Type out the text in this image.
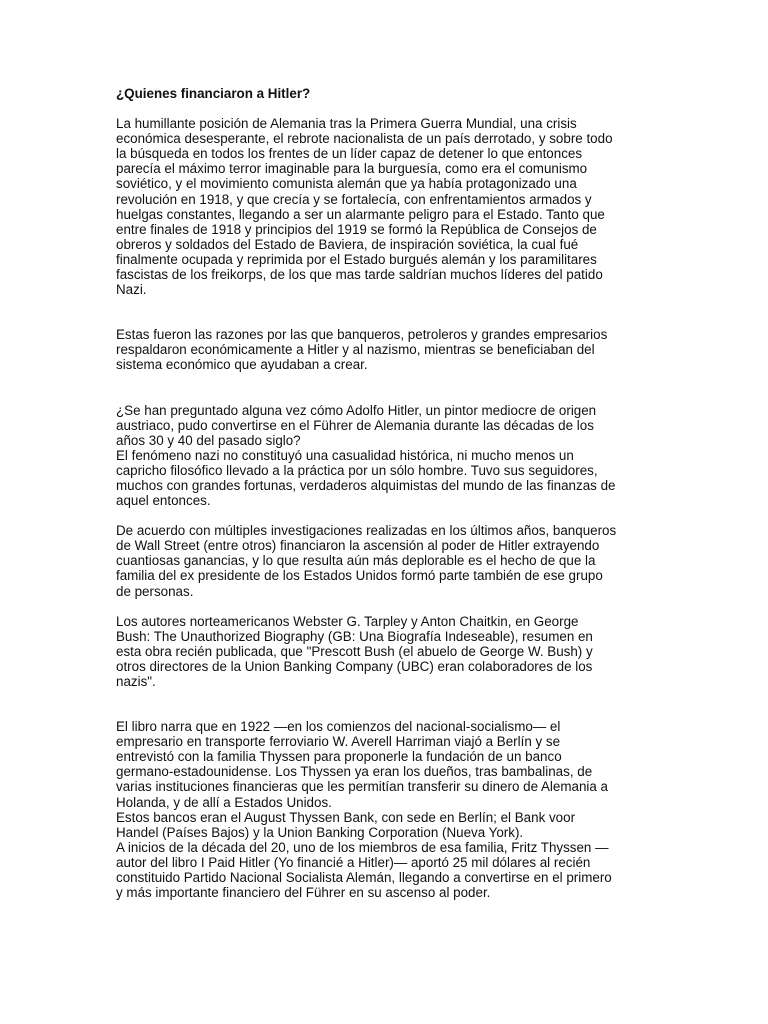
¿Quienes financiaron a Hitler?
La humillante posición de Alemania tras la Primera Guerra Mundial, una crisis
económica desesperante, el rebrote nacionalista de un país derrotado, y sobre todo
la búsqueda en todos los frentes de un líder capaz de detener lo que entonces
parecía el máximo terror imaginable para la burguesía, como era el comunismo
soviético, y el movimiento comunista alemán que ya había protagonizado una
revolución en 1918, y que crecía y se fortalecía, con enfrentamientos armados y
huelgas constantes, llegando a ser un alarmante peligro para el Estado. Tanto que
entre finales de 1918 y principios del 1919 se formó la República de Consejos de
obreros y soldados del Estado de Baviera, de inspiración soviética, la cual fué
finalmente ocupada y reprimida por el Estado burgués alemán y los paramilitares
fascistas de los freikorps, de los que mas tarde saldrían muchos líderes del patido
Nazi.
Estas fueron las razones por las que banqueros, petroleros y grandes empresarios
respaldaron económicamente a Hitler y al nazismo, mientras se beneficiaban del
sistema económico que ayudaban a crear.
¿Se han preguntado alguna vez cómo Adolfo Hitler, un pintor mediocre de origen
austriaco, pudo convertirse en el Führer de Alemania durante las décadas de los
años 30 y 40 del pasado siglo?
El fenómeno nazi no constituyó una casualidad histórica, ni mucho menos un
capricho filosófico llevado a la práctica por un sólo hombre. Tuvo sus seguidores,
muchos con grandes fortunas, verdaderos alquimistas del mundo de las finanzas de
aquel entonces.
De acuerdo con múltiples investigaciones realizadas en los últimos años, banqueros
de Wall Street (entre otros) financiaron la ascensión al poder de Hitler extrayendo
cuantiosas ganancias, y lo que resulta aún más deplorable es el hecho de que la
familia del ex presidente de los Estados Unidos formó parte también de ese grupo
de personas.
Los autores norteamericanos Webster G. Tarpley y Anton Chaitkin, en George
Bush: The Unauthorized Biography (GB: Una Biografía Indeseable), resumen en
esta obra recién publicada, que "Prescott Bush (el abuelo de George W. Bush) y
otros directores de la Union Banking Company (UBC) eran colaboradores de los
nazis".
El libro narra que en 1922 —en los comienzos del nacional-socialismo— el
empresario en transporte ferroviario W. Averell Harriman viajó a Berlín y se
entrevistó con la familia Thyssen para proponerle la fundación de un banco
germano-estadounidense. Los Thyssen ya eran los dueños, tras bambalinas, de
varias instituciones financieras que les permitían transferir su dinero de Alemania a
Holanda, y de allí a Estados Unidos.
Estos bancos eran el August Thyssen Bank, con sede en Berlín; el Bank voor
Handel (Países Bajos) y la Union Banking Corporation (Nueva York).
A inicios de la década del 20, uno de los miembros de esa familia, Fritz Thyssen —
autor del libro I Paid Hitler (Yo financié a Hitler)— aportó 25 mil dólares al recién
constituido Partido Nacional Socialista Alemán, llegando a convertirse en el primero
y más importante financiero del Führer en su ascenso al poder.
